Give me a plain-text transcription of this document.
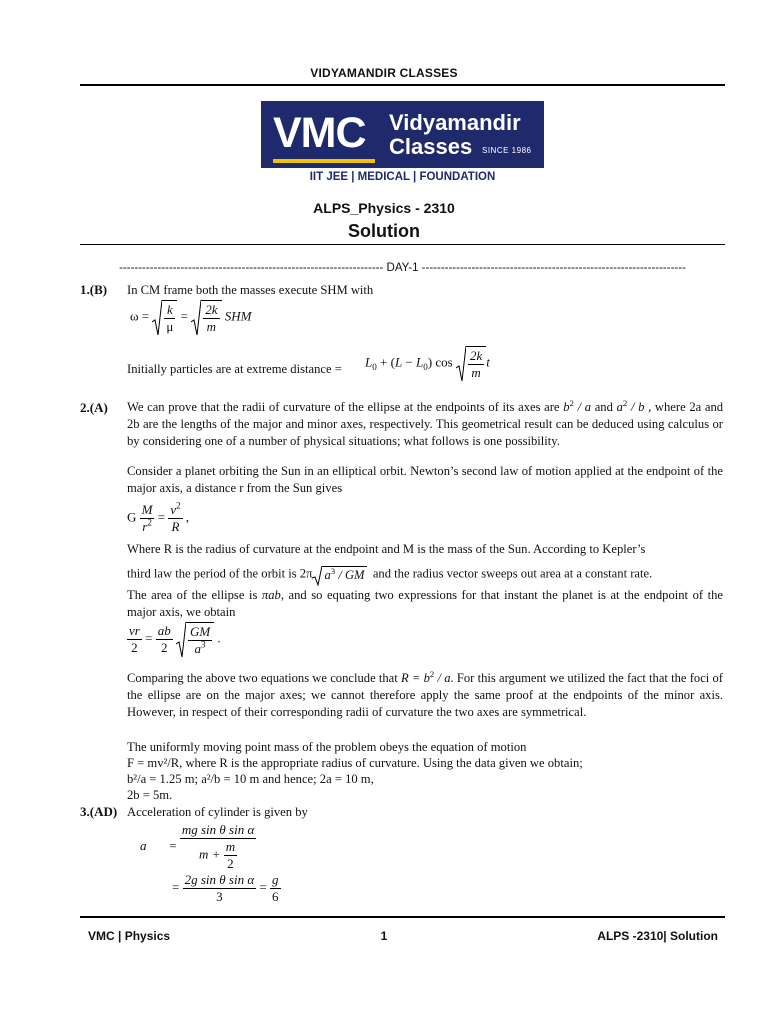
VIDYAMANDIR CLASSES
VMC Vidyamandir
Classes SINCE 1986
IIT JEE | MEDICAL | FOUNDATION
ALPS_Physics - 2310
Solution
--------------------------------------------------------------------- DAY-1 ---------------------------------------------------------------------
1.(B) In CM frame both the masses execute SHM with
$\omega = \frac{k}{\mu} = \frac{2k}{m}$ SHM
Initially particles are at extreme distance = $L_0 + (L - L_0)$ $\cos \frac{2k}{m}$ t
2.(A) We can prove that the radii of curvature of the ellipse at the endpoints of its axes are $b^2$ / a and $a^2$ / b , where 2a and 2b are the lengths of the major and minor axes, respectively. This geometrical result can be deduced using calculus or by considering one of a number of physical situations; what follows is one possibility.
Consider a planet orbiting the Sun in an elliptical orbit. Newton’s second law of motion applied at the endpoint of the major axis, a distance r from the Sun gives
G $\frac{M}{r^2} = \frac{v^2}{R}$ ,
Where R is the radius of curvature at the endpoint and M is the mass of the Sun. According to Kepler’s
third law the period of the orbit is 2π $a^3$ / GM and the radius vector sweeps out area at a constant rate.
The area of the ellipse is πab, and so equating two expressions for that instant the planet is at the endpoint of the major axis, we obtain
$\frac{vr}{2} = \frac{ab}{2}$
$\frac{GM}{a^3}$ .
Comparing the above two equations we conclude that $R = b^2 / a$. For this argument we utilized the fact that the foci of the ellipse are on the major axes; we cannot therefore apply the same proof at the endpoints of the minor axis. However, in respect of their corresponding radii of curvature the two axes are symmetrical.
The uniformly moving point mass of the problem obeys the equation of motion
F = mv²/R, where R is the appropriate radius of curvature. Using the data given we obtain;
b²/a = 1.25 m; a²/b = 10 m and hence; 2a = 10 m,
2b = 5m.
3.(AD) Acceleration of cylinder is given by
$a = \frac{\text{mg sin θ sin α}}{m + \frac{m}{2}}$
= $\frac{\text{2g sin θ sin α}}{3} = \frac{g}{6}$
VMC | Physics	1	ALPS -2310| Solution
